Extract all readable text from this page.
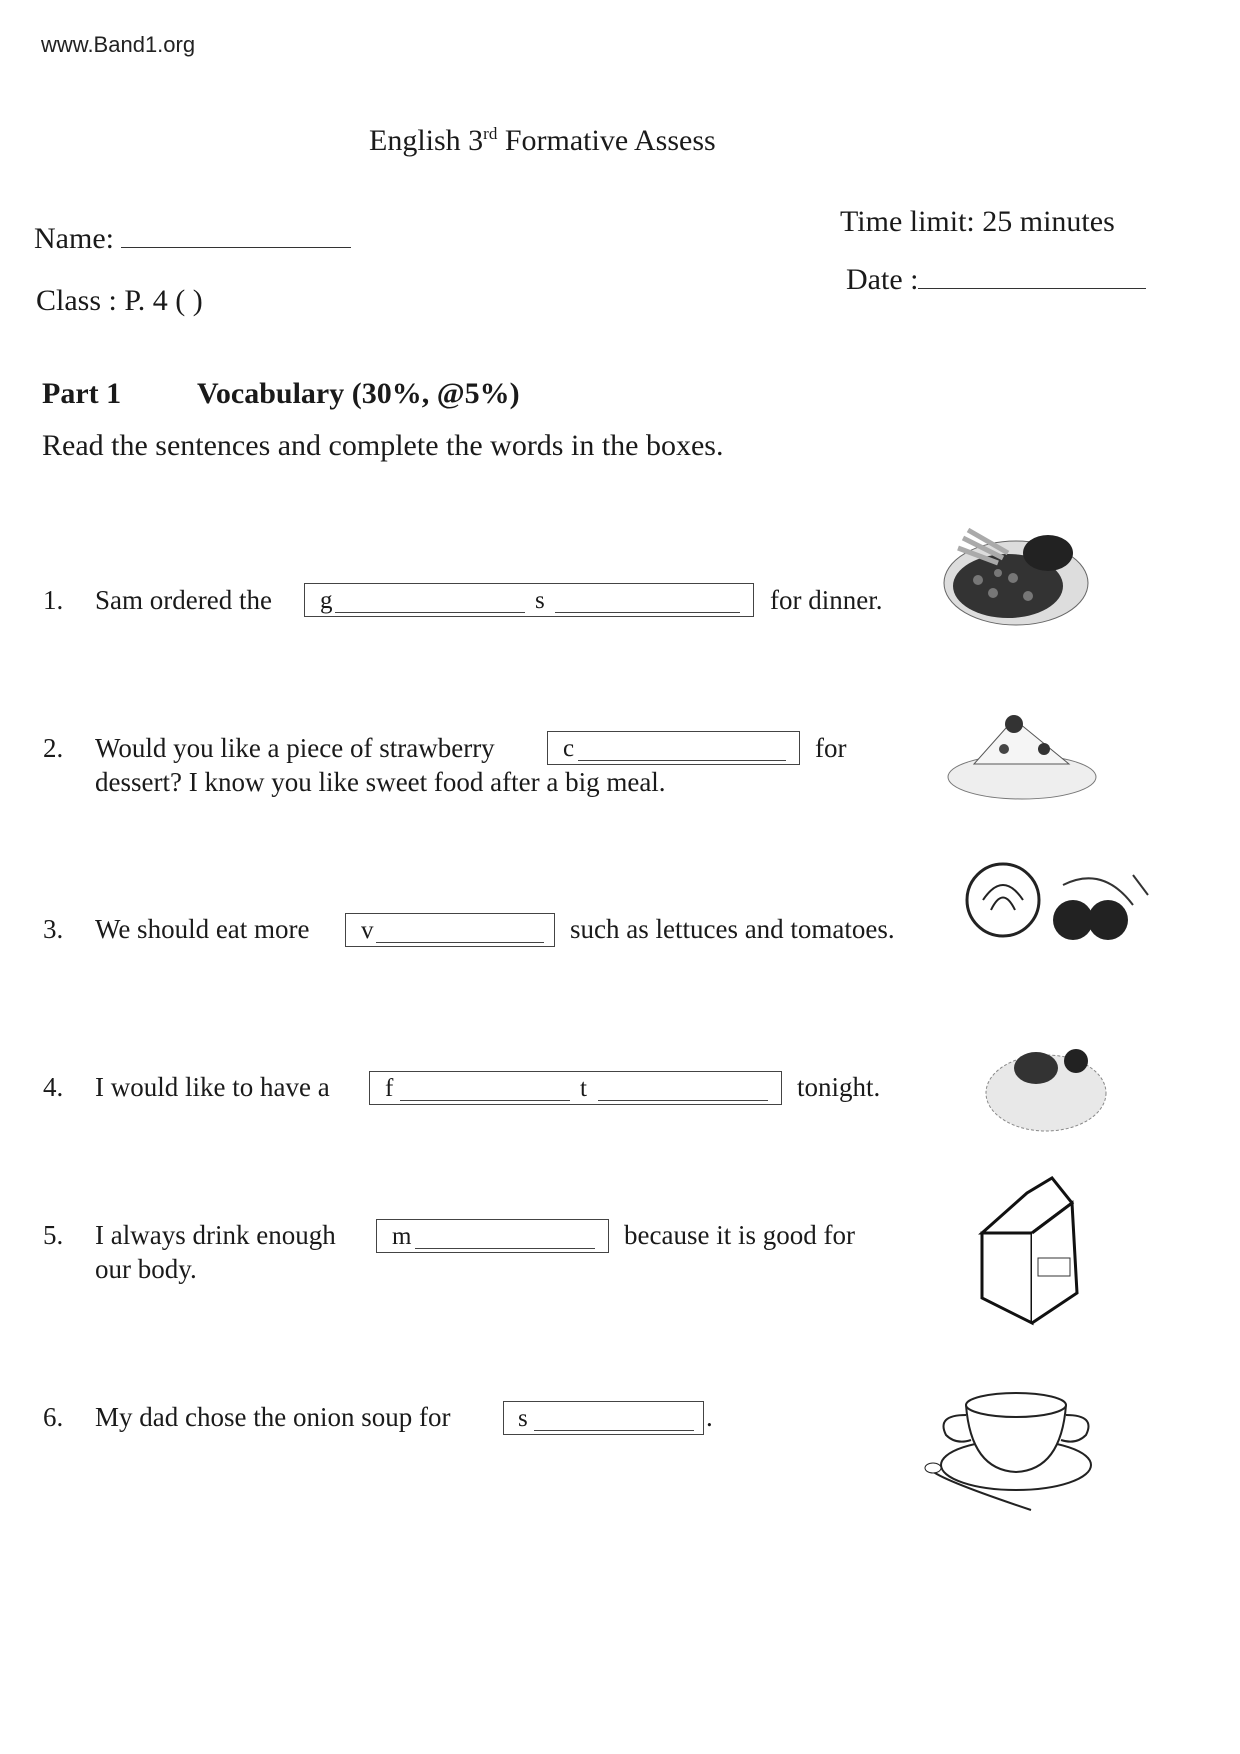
www.Band1.org
English 3rd Formative Assess
Name:
Class : P. 4 ( )
Time limit: 25 minutes
Date :
Part 1	Vocabulary (30%, @5%)
Read the sentences and complete the words in the boxes.
1. Sam ordered the g	s	for dinner.
2. Would you like a piece of strawberry	c	for
dessert? I know you like sweet food after a big meal.
3. We should eat more v	such as lettuces and tomatoes.
4. I would like to have a f	t	tonight.
5. I always drink enough m	because it is good for
our body.
6. My dad chose the onion soup for	s	.
